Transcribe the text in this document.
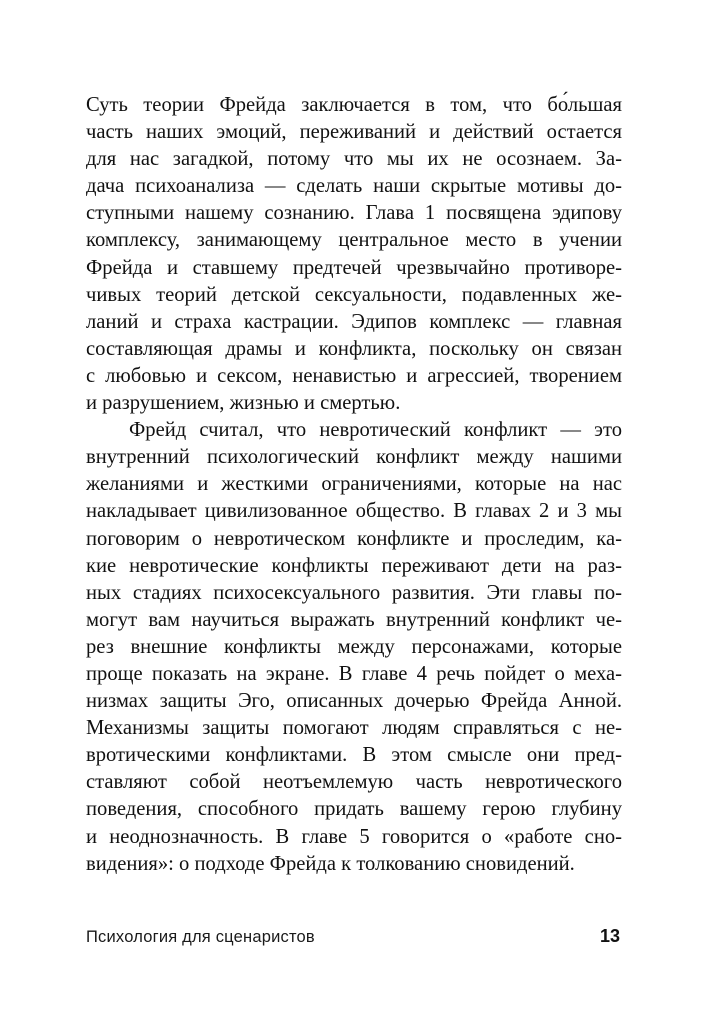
Суть теории Фрейда заключается в том, что бо́льшая
часть наших эмоций, переживаний и действий остается
для нас загадкой, потому что мы их не осознаем. За-
дача психоанализа — сделать наши скрытые мотивы до-
ступными нашему сознанию. Глава 1 посвящена эдипову
комплексу, занимающему центральное место в учении
Фрейда и ставшему предтечей чрезвычайно противоре-
чивых теорий детской сексуальности, подавленных же-
ланий и страха кастрации. Эдипов комплекс — главная
составляющая драмы и конфликта, поскольку он связан
с любовью и сексом, ненавистью и агрессией, творением
и разрушением, жизнью и смертью.
Фрейд считал, что невротический конфликт — это
внутренний психологический конфликт между нашими
желаниями и жесткими ограничениями, которые на нас
накладывает цивилизованное общество. В главах 2 и 3 мы
поговорим о невротическом конфликте и проследим, ка-
кие невротические конфликты переживают дети на раз-
ных стадиях психосексуального развития. Эти главы по-
могут вам научиться выражать внутренний конфликт че-
рез внешние конфликты между персонажами, которые
проще показать на экране. В главе 4 речь пойдет о меха-
низмах защиты Эго, описанных дочерью Фрейда Анной.
Механизмы защиты помогают людям справляться с не-
вротическими конфликтами. В этом смысле они пред-
ставляют собой неотъемлемую часть невротического
поведения, способного придать вашему герою глубину
и неоднозначность. В главе 5 говорится о «работе сно-
видения»: о подходе Фрейда к толкованию сновидений.
Психология для сценаристов	13
